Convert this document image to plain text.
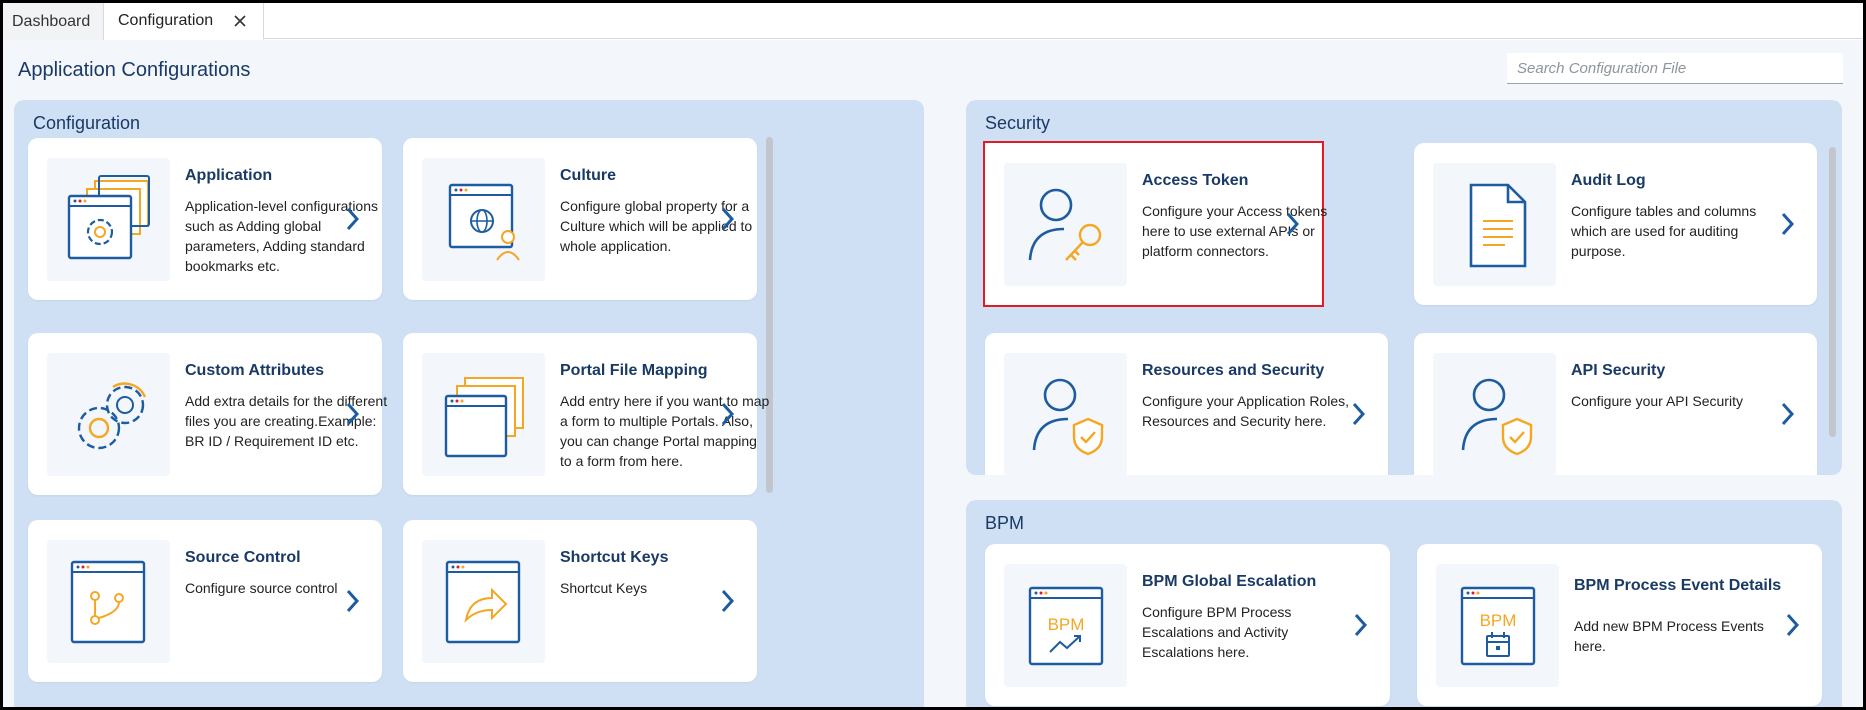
Dashboard Configuration
Application Configurations
Search Configuration File
Configuration
Application
Application-level configurations such as Adding global parameters, Adding standard bookmarks etc.
Culture
Configure global property for a Culture which will be applied to whole application.
Custom Attributes
Add extra details for the different files you are creating.Example: BR ID / Requirement ID etc.
Portal File Mapping
Add entry here if you want to map a form to multiple Portals. Also, you can change Portal mapping to a form from here.
Source Control
Configure source control
Shortcut Keys
Shortcut Keys
Security
Access Token
Configure your Access tokens here to use external APIs or platform connectors.
Audit Log
Configure tables and columns which are used for auditing purpose.
Resources and Security
Configure your Application Roles, Resources and Security here.
API Security
Configure your API Security
BPM
BPM
BPM Global Escalation
Configure BPM Process Escalations and Activity Escalations here.
BPM
BPM Process Event Details
Add new BPM Process Events here.
